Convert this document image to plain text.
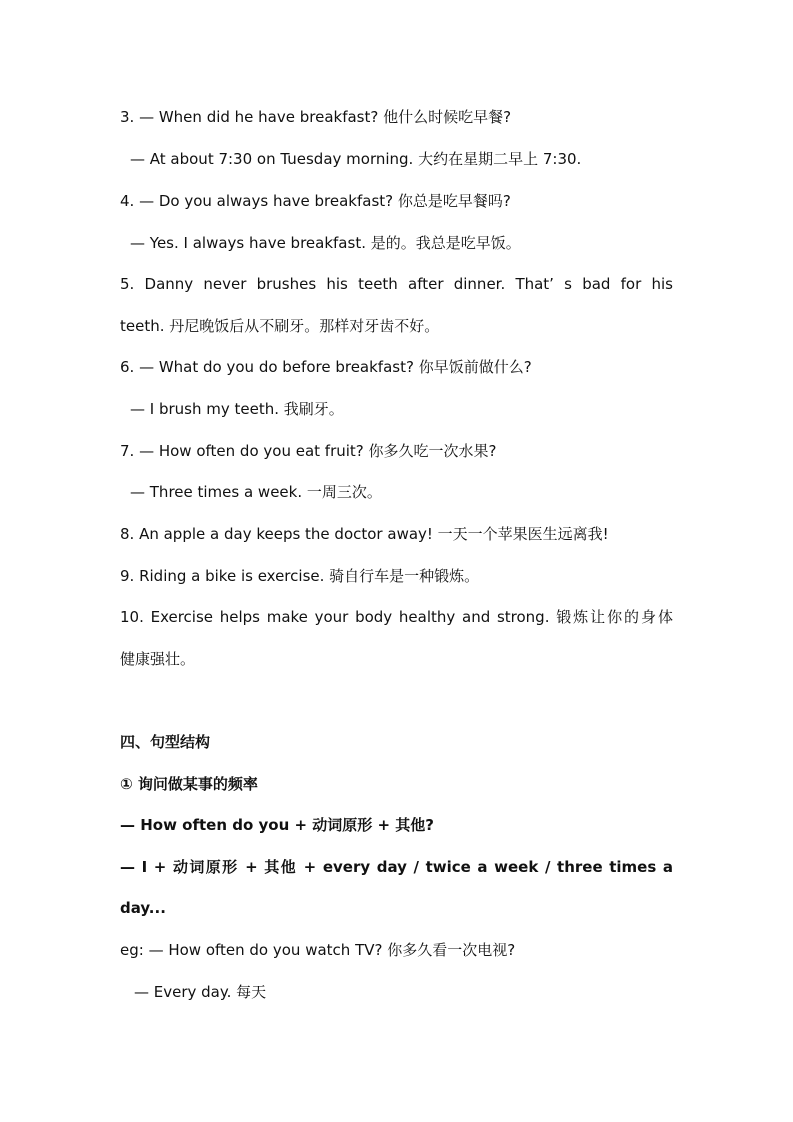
3. — When did he have breakfast? 他什么时候吃早餐?
— At about 7:30 on Tuesday morning. 大约在星期二早上 7:30.
4. — Do you always have breakfast? 你总是吃早餐吗?
— Yes. I always have breakfast. 是的。我总是吃早饭。
5. Danny never brushes his teeth after dinner. That’ s bad for his
teeth. 丹尼晚饭后从不刷牙。那样对牙齿不好。
6. — What do you do before breakfast? 你早饭前做什么?
— I brush my teeth. 我刷牙。
7. — How often do you eat fruit? 你多久吃一次水果?
— Three times a week. 一周三次。
8. An apple a day keeps the doctor away! 一天一个苹果医生远离我!
9. Riding a bike is exercise. 骑自行车是一种锻炼。
10. Exercise helps make your body healthy and strong. 锻炼让你的身体
健康强壮。
四、句型结构
① 询问做某事的频率
— How often do you + 动词原形 + 其他?
— I + 动词原形 + 其他 + every day / twice a week / three times a
day...
eg: — How often do you watch TV? 你多久看一次电视?
— Every day. 每天
